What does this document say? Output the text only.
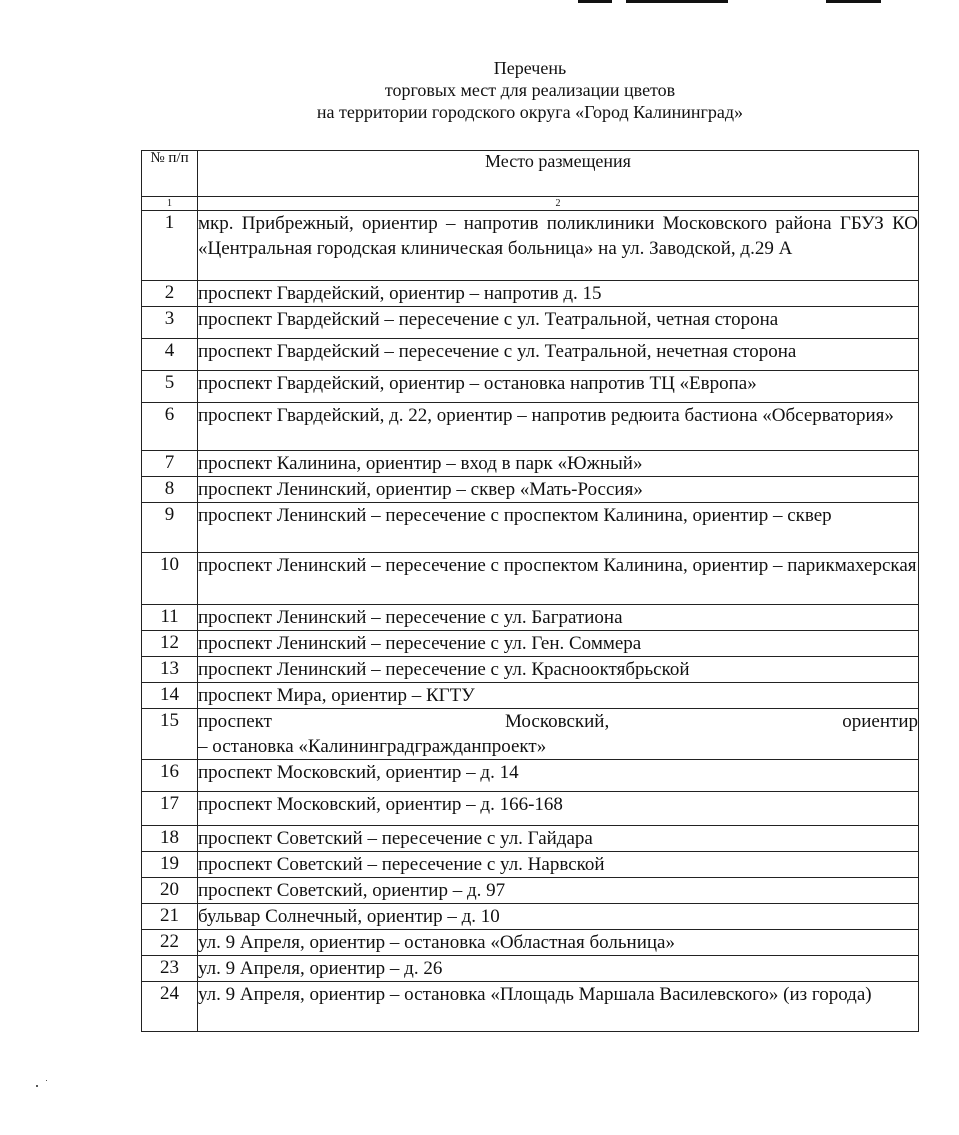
Перечень
торговых мест для реализации цветов
на территории городского округа «Город Калининград»
№ п/п	Место размещения
1	2
1	мкр. Прибрежный, ориентир – напротив поликлиники Московского района ГБУЗ КО «Центральная городская клиническая больница» на ул. Заводской, д.29 А
2	проспект Гвардейский, ориентир – напротив д. 15
3	проспект Гвардейский – пересечение с ул. Театральной, четная сторона
4	проспект Гвардейский – пересечение с ул. Театральной, нечетная сторона
5	проспект Гвардейский, ориентир – остановка напротив ТЦ «Европа»
6	проспект Гвардейский, д. 22, ориентир – напротив редюита бастиона «Обсерватория»
7	проспект Калинина, ориентир – вход в парк «Южный»
8	проспект Ленинский, ориентир – сквер «Мать-Россия»
9	проспект Ленинский – пересечение с проспектом Калинина, ориентир – сквер
10	проспект Ленинский – пересечение с проспектом Калинина, ориентир – парикмахерская
11	проспект Ленинский – пересечение с ул. Багратиона
12	проспект Ленинский – пересечение с ул. Ген. Соммера
13	проспект Ленинский – пересечение с ул. Краснооктябрьской
14	проспект Мира, ориентир – КГТУ
15	проспект Московский, ориентир
– остановка «Калининградгражданпроект»

16	проспект Московский, ориентир – д. 14
17	проспект Московский, ориентир – д. 166-168
18	проспект Советский – пересечение с ул. Гайдара
19	проспект Советский – пересечение с ул. Нарвской
20	проспект Советский, ориентир – д. 97
21	бульвар Солнечный, ориентир – д. 10
22	ул. 9 Апреля, ориентир – остановка «Областная больница»
23	ул. 9 Апреля, ориентир – д. 26
24	ул. 9 Апреля, ориентир – остановка «Площадь Маршала Василевского» (из города)
